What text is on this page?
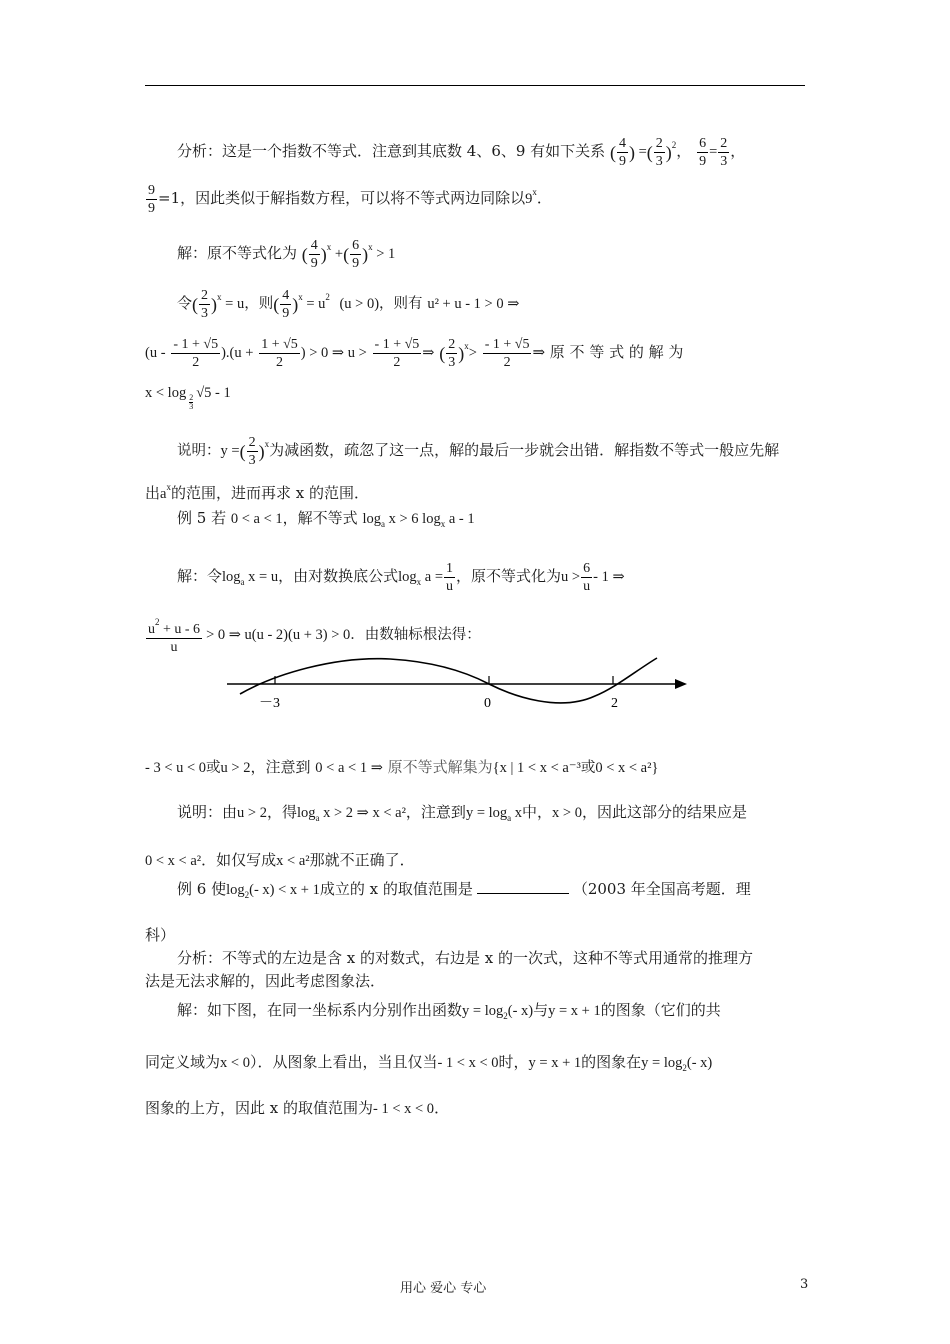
分析：这是一个指数不等式．注意到其底数 4、6、9 有如下关系 ( $\frac{4}{9}$ ) =( $\frac{2}{3} )^2$， $\frac{6}{9} = \frac{2}{3}$ ，
$\frac{9}{9} =1$，因此类似于解指数方程，可以将不等式两边同除以9$^x$．
解：原不等式化为 ( $\frac{4}{9} )^x$ +( $\frac{6}{9} )^x > 1$
令( $\frac{2}{3} )^x = u$，则( $\frac{4}{9} )^x = u^2$ (u > 0)，则有 u² + u - 1 > 0 ⇒
$(u - \frac{- 1 + √5}{2} ).(u + \frac{1 + √5}{2}$ ) > 0 ⇒ $u > \frac{- 1 + √5}{2}$ ⇒ ( $\frac{2}{3} )^x> \frac{- 1 + √5}{2}$ ⇒ 原 不 等 式 的 解 为
x < log
$\frac{2}{3}$
√5 - 1
说明：y =( $\frac{2}{3} )^x$为减函数，疏忽了这一点，解的最后一步就会出错．解指数不等式一般应先解
出$a^x$的范围，进而再求 x 的范围．
例 5 若 0 < a < 1，解不等式 $\log_a x > 6$ $\log_x a - 1$
解：令$\log_a x = u$，由对数换底公式$\log_x a = \frac{1}{u}$ ，原不等式化为$u > \frac{6}{u} - 1$ ⇒
$\frac{u^2 + u - 6}{u} > 0$ ⇒ u(u - 2)(u + 3) > 0．由数轴标根法得：
－3	0	2
- 3 < u < 0或u > 2，注意到 0 < a < 1 ⇒ 原不等式解集为{x | 1 < x < a⁻³或0 < x < a²}
说明：由u > 2，得$\log_a x > 2$ ⇒ x < a²，注意到$y = \log_a x$中，x > 0，因此这部分的结果应是
0 < x < a²．如仅写成x < a²那就不正确了．
例 6 使$\log_2(-$ x) < x + 1成立的 x 的取值范围是	（2003 年全国高考题．理
科）
分析：不等式的左边是含 x 的对数式，右边是 x 的一次式，这种不等式用通常的推理方
法是无法求解的，因此考虑图象法．
解：如下图，在同一坐标系内分别作出函数$y = \log_2(-$ x)与y = x + 1的图象（它们的共
同定义域为x < 0）．从图象上看出，当且仅当- 1 < x < 0时，y = x + 1的图象在$y = \log_2(-$ x)
图象的上方，因此 x 的取值范围为- 1 < x < 0．
用心 爱心 专心	3
